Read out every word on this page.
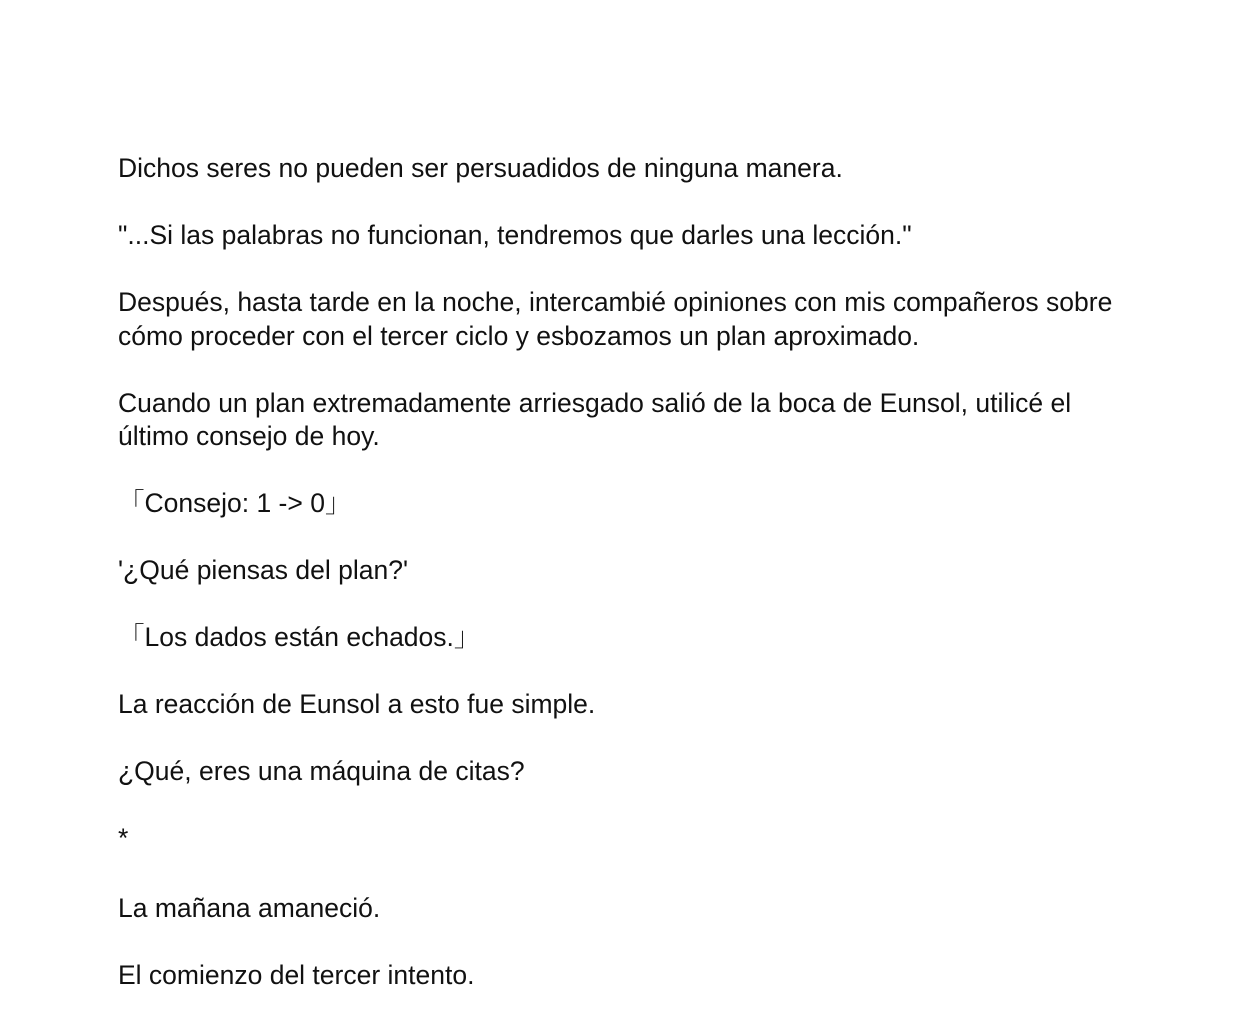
Dichos seres no pueden ser persuadidos de ninguna manera.

"...Si las palabras no funcionan, tendremos que darles una lección."

Después, hasta tarde en la noche, intercambié opiniones con mis compañeros sobre cómo proceder con el tercer ciclo y esbozamos un plan aproximado.

Cuando un plan extremadamente arriesgado salió de la boca de Eunsol, utilicé el último consejo de hoy.

「Consejo: 1 -> 0」

'¿Qué piensas del plan?'

「Los dados están echados.」

La reacción de Eunsol a esto fue simple.

¿Qué, eres una máquina de citas?

*

La mañana amaneció.

El comienzo del tercer intento.
